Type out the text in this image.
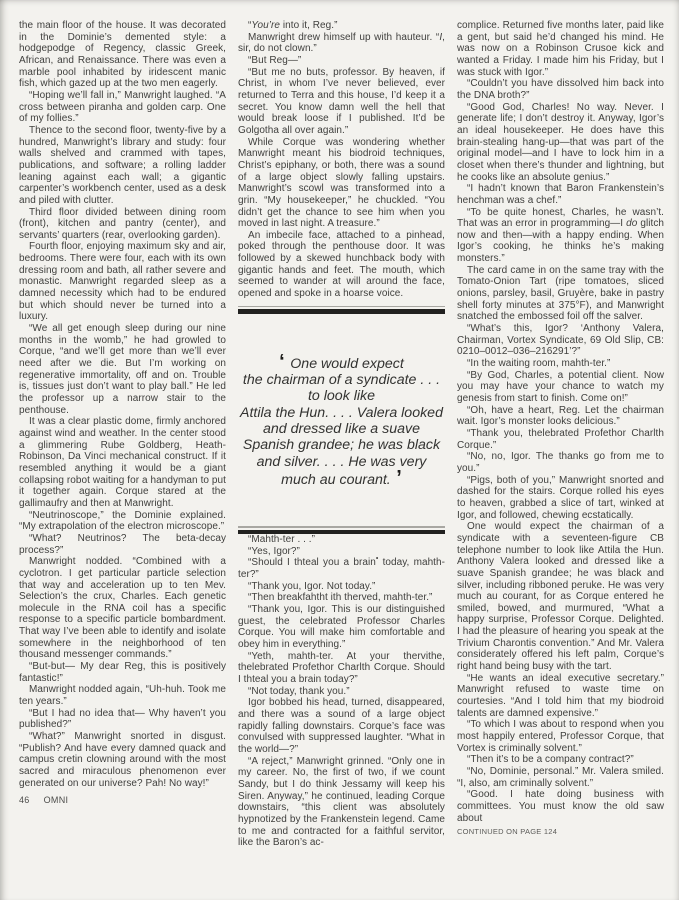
the main floor of the house. It was decorated in the Dominie’s demented style: a hodgepodge of Regency, classic Greek, African, and Renaissance. There was even a marble pool inhabited by iridescent manic fish, which gazed up at the two men eagerly.

“Hoping we’ll fall in,” Manwright laughed. “A cross between piranha and golden carp. One of my follies.”

Thence to the second floor, twenty-five by a hundred, Manwright’s library and study: four walls shelved and crammed with tapes, publications, and software; a rolling ladder leaning against each wall; a gigantic carpenter’s workbench center, used as a desk and piled with clutter.

Third floor divided between dining room (front), kitchen and pantry (center), and servants’ quarters (rear, overlooking garden).

Fourth floor, enjoying maximum sky and air, bedrooms. There were four, each with its own dressing room and bath, all rather severe and monastic. Manwright regarded sleep as a damned necessity which had to be endured but which should never be turned into a luxury.

“We all get enough sleep during our nine months in the womb,” he had growled to Corque, “and we’ll get more than we’ll ever need after we die. But I’m working on regenerative immortality, off and on. Trouble is, tissues just don’t want to play ball.” He led the professor up a narrow stair to the penthouse.

It was a clear plastic dome, firmly anchored against wind and weather. In the center stood a glimmering Rube Goldberg, Heath-Robinson, Da Vinci mechanical construct. If it resembled anything it would be a giant collapsing robot waiting for a handyman to put it together again. Corque stared at the gallimaufry and then at Manwright.

“Neutrinoscope,” the Dominie explained. “My extrapolation of the electron microscope.”

“What? Neutrinos? The beta-decay process?”

Manwright nodded. “Combined with a cyclotron. I get particular particle selection that way and acceleration up to ten Mev. Selection’s the crux, Charles. Each genetic molecule in the RNA coil has a specific response to a specific particle bombardment. That way I’ve been able to identify and isolate somewhere in the neighborhood of ten thousand messenger commands.”

“But-but— My dear Reg, this is positively fantastic!”

Manwright nodded again, “Uh-huh. Took me ten years.”

“But I had no idea that— Why haven’t you published?”

“What?” Manwright snorted in disgust. “Publish? And have every damned quack and campus cretin clowning around with the most sacred and miraculous phenomenon ever generated on our universe? Pah! No way!”

46 OMNI

“You’re into it, Reg.”

Manwright drew himself up with hauteur. “I, sir, do not clown.”

“But Reg—”

“But me no buts, professor. By heaven, if Christ, in whom I’ve never believed, ever returned to Terra and this house, I’d keep it a secret. You know damn well the hell that would break loose if I published. It’d be Golgotha all over again.”

While Corque was wondering whether Manwright meant his biodroid techniques, Christ’s epiphany, or both, there was a sound of a large object slowly falling upstairs. Manwright’s scowl was transformed into a grin. “My housekeeper,” he chuckled. “You didn’t get the chance to see him when you moved in last night. A treasure.”

An imbecile face, attached to a pinhead, poked through the penthouse door. It was followed by a skewed hunchback body with gigantic hands and feet. The mouth, which seemed to wander at will around the face, opened and spoke in a hoarse voice.

‘ One would expect
the chairman of a syndicate . . .
to look like
Attila the Hun. . . . Valera looked
and dressed like a suave
Spanish grandee; he was black
and silver. . . . He was very
much au courant. ’

“Mahth-ter . . .”

“Yes, Igor?”

“Should I thteal you a brain• today, mahth-ter?”

“Thank you, Igor. Not today.”

“Then breakfahtht ith therved, mahth-ter.”

“Thank you, Igor. This is our distinguished guest, the celebrated Professor Charles Corque. You will make him comfortable and obey him in everything.”

“Yeth, mahth-ter. At your thervithe, thelebrated Profethor Charlth Corque. Should I thteal you a brain today?”

“Not today, thank you.”

Igor bobbed his head, turned, disappeared, and there was a sound of a large object rapidly falling downstairs. Corque’s face was convulsed with suppressed laughter. “What in the world—?”

“A reject,” Manwright grinned. “Only one in my career. No, the first of two, if we count Sandy, but I do think Jessamy will keep his Siren. Anyway,” he continued, leading Corque downstairs, “this client was absolutely hypnotized by the Frankenstein legend. Came to me and contracted for a faithful servitor, like the Baron’s ac-

complice. Returned five months later, paid like a gent, but said he’d changed his mind. He was now on a Robinson Crusoe kick and wanted a Friday. I made him his Friday, but I was stuck with Igor.”

“Couldn’t you have dissolved him back into the DNA broth?”

“Good God, Charles! No way. Never. I generate life; I don’t destroy it. Anyway, Igor’s an ideal housekeeper. He does have this brain-stealing hang-up—that was part of the original model—and I have to lock him in a closet when there’s thunder and lightning, but he cooks like an absolute genius.”

“I hadn’t known that Baron Frankenstein’s henchman was a chef.”

“To be quite honest, Charles, he wasn’t. That was an error in programming—I do glitch now and then—with a happy ending. When Igor’s cooking, he thinks he’s making monsters.”

The card came in on the same tray with the Tomato-Onion Tart (ripe tomatoes, sliced onions, parsley, basil, Gruyère, bake in pastry shell forty minutes at 375°F), and Manwright snatched the embossed foil off the salver.

“What’s this, Igor? ‘Anthony Valera, Chairman, Vortex Syndicate, 69 Old Slip, CB: 0210–0012–036–216291’?”

“In the waiting room, mahth-ter.”

“By God, Charles, a potential client. Now you may have your chance to watch my genesis from start to finish. Come on!”

“Oh, have a heart, Reg. Let the chairman wait. Igor’s monster looks delicious.”

“Thank you, thelebrated Profethor Charlth Corque.”

“No, no, Igor. The thanks go from me to you.”

“Pigs, both of you,” Manwright snorted and dashed for the stairs. Corque rolled his eyes to heaven, grabbed a slice of tart, winked at Igor, and followed, chewing ecstatically.

One would expect the chairman of a syndicate with a seventeen-figure CB telephone number to look like Attila the Hun. Anthony Valera looked and dressed like a suave Spanish grandee; he was black and silver, including ribboned peruke. He was very much au courant, for as Corque entered he smiled, bowed, and murmured, “What a happy surprise, Professor Corque. Delighted. I had the pleasure of hearing you speak at the Trivium Charontis convention.” And Mr. Valera considerately offered his left palm, Corque’s right hand being busy with the tart.

“He wants an ideal executive secretary.” Manwright refused to waste time on courtesies. “And I told him that my biodroid talents are damned expensive.”

“To which I was about to respond when you most happily entered, Professor Corque, that Vortex is criminally solvent.”

“Then it’s to be a company contract?”

“No, Dominie, personal.” Mr. Valera smiled. “I, also, am criminally solvent.”

“Good. I hate doing business with committees. You must know the old saw about

CONTINUED ON PAGE 124
